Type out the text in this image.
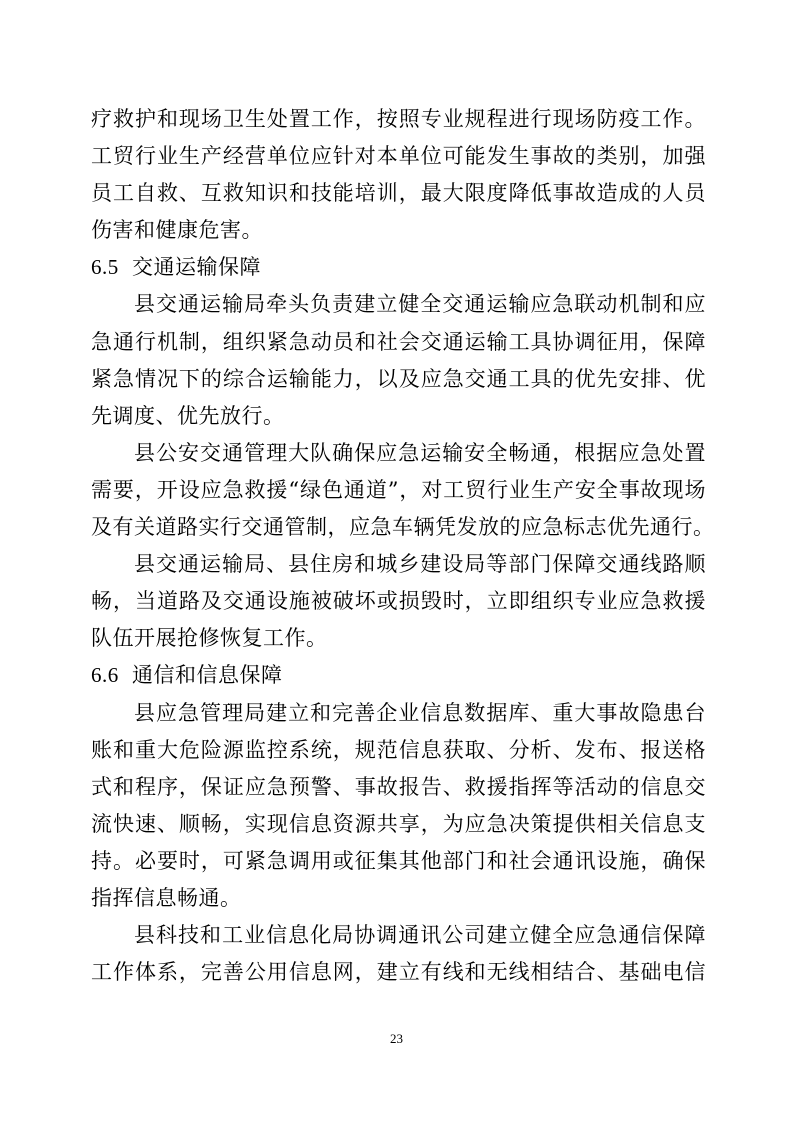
疗救护和现场卫生处置工作，按照专业规程进行现场防疫工作。
工贸行业生产经营单位应针对本单位可能发生事故的类别，加强
员工自救、互救知识和技能培训，最大限度降低事故造成的人员
伤害和健康危害。
6.5 交通运输保障
县交通运输局牵头负责建立健全交通运输应急联动机制和应
急通行机制，组织紧急动员和社会交通运输工具协调征用，保障
紧急情况下的综合运输能力，以及应急交通工具的优先安排、优
先调度、优先放行。
县公安交通管理大队确保应急运输安全畅通，根据应急处置
需要，开设应急救援“绿色通道”，对工贸行业生产安全事故现场
及有关道路实行交通管制，应急车辆凭发放的应急标志优先通行。
县交通运输局、县住房和城乡建设局等部门保障交通线路顺
畅，当道路及交通设施被破坏或损毁时，立即组织专业应急救援
队伍开展抢修恢复工作。
6.6 通信和信息保障
县应急管理局建立和完善企业信息数据库、重大事故隐患台
账和重大危险源监控系统，规范信息获取、分析、发布、报送格
式和程序，保证应急预警、事故报告、救援指挥等活动的信息交
流快速、顺畅，实现信息资源共享，为应急决策提供相关信息支
持。必要时，可紧急调用或征集其他部门和社会通讯设施，确保
指挥信息畅通。
县科技和工业信息化局协调通讯公司建立健全应急通信保障
工作体系，完善公用信息网，建立有线和无线相结合、基础电信
23
